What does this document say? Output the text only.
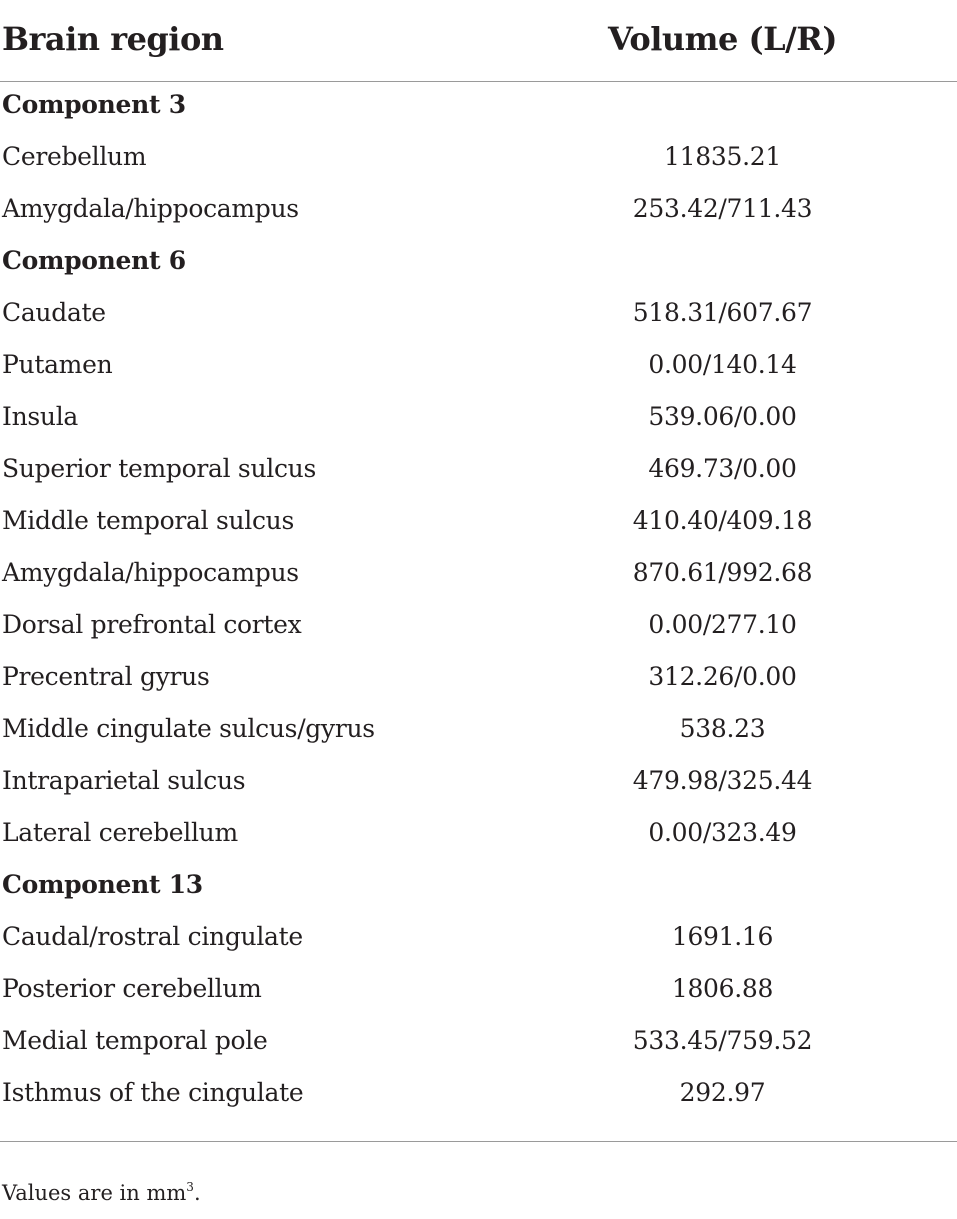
Brain region	Volume (L/R)
Component 3
Cerebellum	11835.21
Amygdala/hippocampus	253.42/711.43
Component 6
Caudate	518.31/607.67
Putamen	0.00/140.14
Insula	539.06/0.00
Superior temporal sulcus	469.73/0.00
Middle temporal sulcus	410.40/409.18
Amygdala/hippocampus	870.61/992.68
Dorsal prefrontal cortex	0.00/277.10
Precentral gyrus	312.26/0.00
Middle cingulate sulcus/gyrus	538.23
Intraparietal sulcus	479.98/325.44
Lateral cerebellum	0.00/323.49
Component 13
Caudal/rostral cingulate	1691.16
Posterior cerebellum	1806.88
Medial temporal pole	533.45/759.52
Isthmus of the cingulate	292.97
Values are in $mm^3$.
